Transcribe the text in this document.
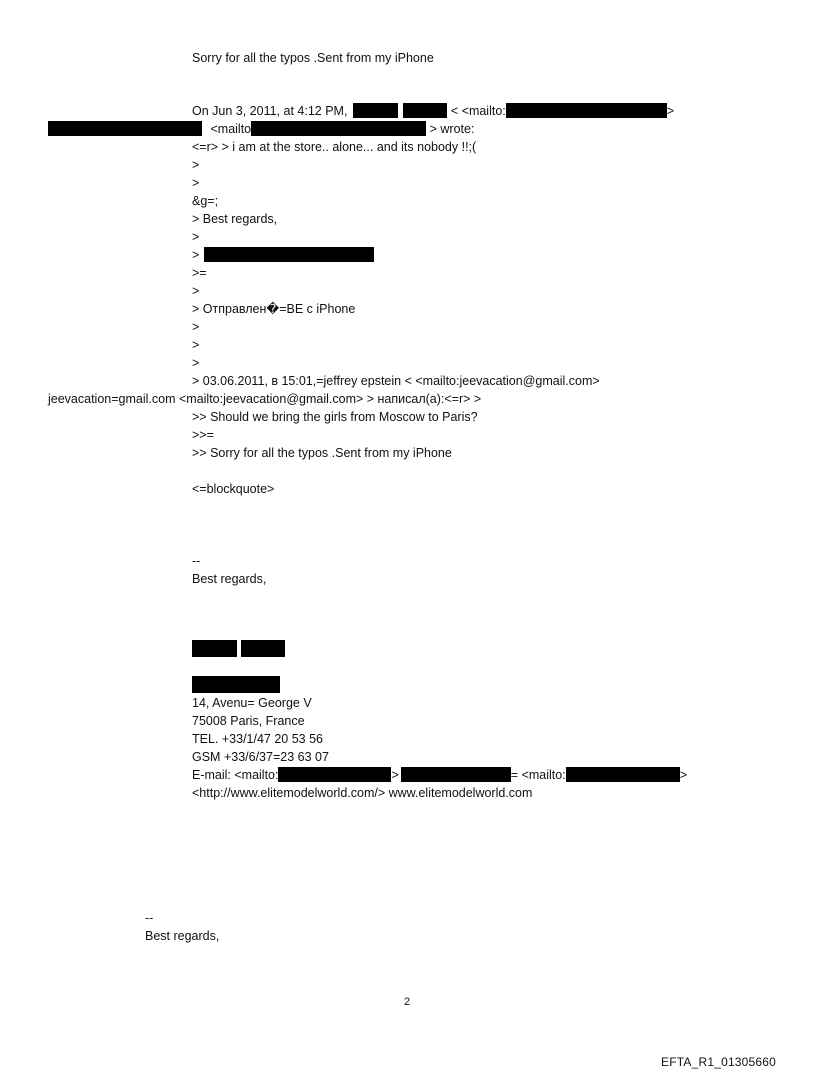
Sorry for all the typos .Sent from my iPhone
On Jun 3, 2011, at 4:12 PM,	< <mailto:	>
<mailto	> wrote:
<=r> > i am at the store.. alone... and its nobody !!;(
>
>
&g=;
> Best regards,
>
>
>=
>
> Отправлен�=BE с iPhone
>
>
>
> 03.06.2011, в 15:01,=jeffrey epstein < <mailto:jeevacation@gmail.com>
jeevacation=gmail.com <mailto:jeevacation@gmail.com> > написал(а):<=r> >
>> Should we bring the girls from Moscow to Paris?
>>=
>> Sorry for all the typos .Sent from my iPhone
<=blockquote>
--
Best regards,
14, Avenu= George V
75008 Paris, France
TEL. +33/1/47 20 53 56
GSM +33/6/37=23 63 07
E-mail: <mailto:	>	= <mailto:	>
<http://www.elitemodelworld.com/> www.elitemodelworld.com
--
Best regards,
2
EFTA_R1_01305660
